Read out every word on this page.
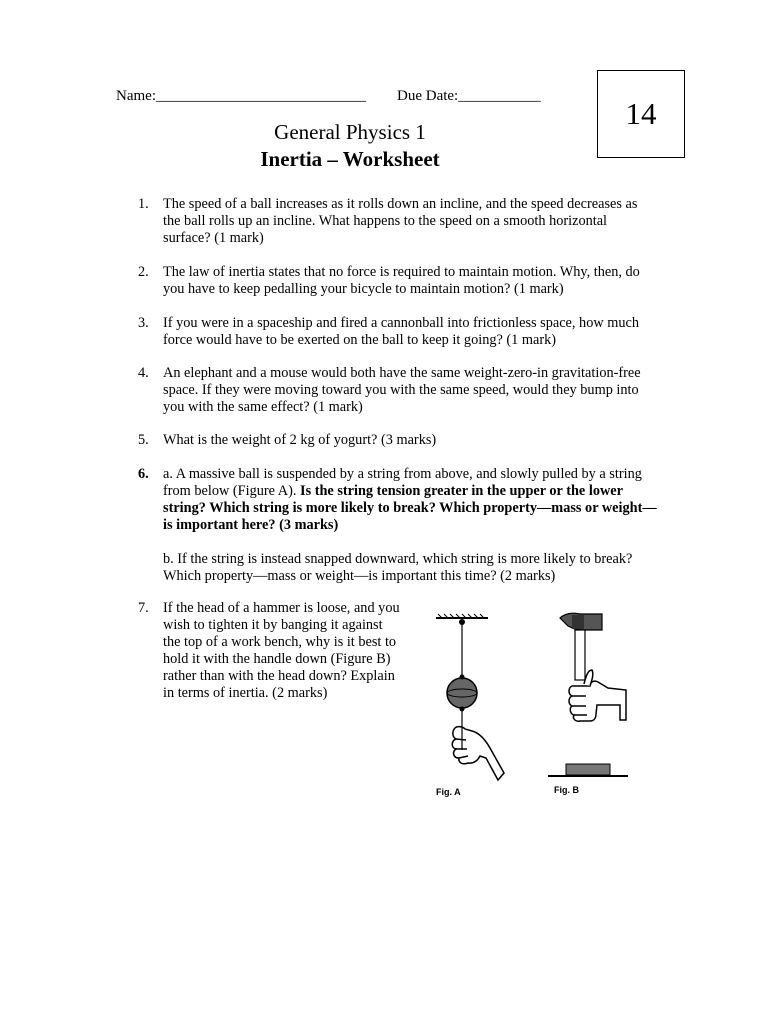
Name:____________________________ Due Date:___________	14
General Physics 1
Inertia – Worksheet
1. The speed of a ball increases as it rolls down an incline, and the speed decreases as the ball rolls up an incline. What happens to the speed on a smooth horizontal surface? (1 mark)
2. The law of inertia states that no force is required to maintain motion. Why, then, do you have to keep pedalling your bicycle to maintain motion? (1 mark)
3. If you were in a spaceship and fired a cannonball into frictionless space, how much force would have to be exerted on the ball to keep it going? (1 mark)
4. An elephant and a mouse would both have the same weight-zero-in gravitation-free space. If they were moving toward you with the same speed, would they bump into you with the same effect? (1 mark)
5. What is the weight of 2 kg of yogurt? (3 marks)
6. a. A massive ball is suspended by a string from above, and slowly pulled by a string from below (Figure A). Is the string tension greater in the upper or the lower string? Which string is more likely to break? Which property—mass or weight—is important here? (3 marks)
b. If the string is instead snapped downward, which string is more likely to break? Which property—mass or weight—is important this time? (2 marks)
7. If the head of a hammer is loose, and you wish to tighten it by banging it against the top of a work bench, why is it best to hold it with the handle down (Figure B) rather than with the head down? Explain in terms of inertia. (2 marks)
Fig. A	Fig. B
